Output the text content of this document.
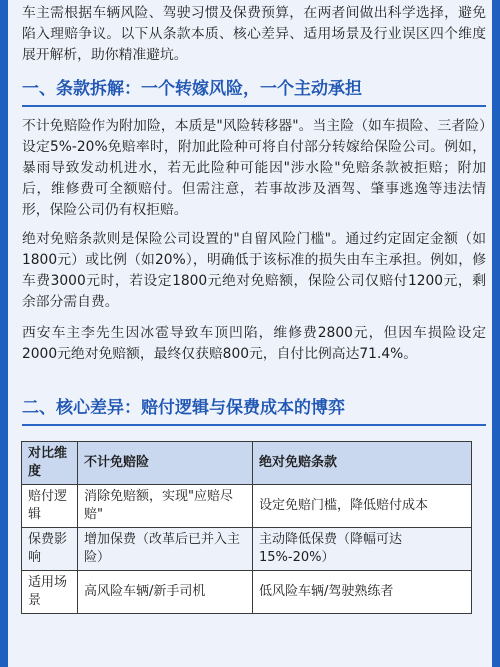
车主需根据车辆风险、驾驶习惯及保费预算，在两者间做出科学选择，避免陷入理赔争议。以下从条款本质、核心差异、适用场景及行业误区四个维度展开解析，助你精准避坑。

一、条款拆解：一个转嫁风险，一个主动承担

不计免赔险作为附加险，本质是"风险转移器"。当主险（如车损险、三者险）设定5%-20%免赔率时，附加此险种可将自付部分转嫁给保险公司。例如，暴雨导致发动机进水，若无此险种可能因"涉水险"免赔条款被拒赔；附加后，维修费可全额赔付。但需注意，若事故涉及酒驾、肇事逃逸等违法情形，保险公司仍有权拒赔。

绝对免赔条款则是保险公司设置的"自留风险门槛"。通过约定固定金额（如1800元）或比例（如20%），明确低于该标准的损失由车主承担。例如，修车费3000元时，若设定1800元绝对免赔额，保险公司仅赔付1200元，剩余部分需自费。

西安车主李先生因冰雹导致车顶凹陷，维修费2800元，但因车损险设定2000元绝对免赔额，最终仅获赔800元，自付比例高达71.4%。

二、核心差异：赔付逻辑与保费成本的博弈
对比维度	不计免赔险	绝对免赔条款
赔付逻辑	消除免赔额，实现"应赔尽赔"	设定免赔门槛，降低赔付成本
保费影响	增加保费（改革后已并入主险）	主动降低保费（降幅可达15%-20%）
适用场景	高风险车辆/新手司机	低风险车辆/驾驶熟练者
